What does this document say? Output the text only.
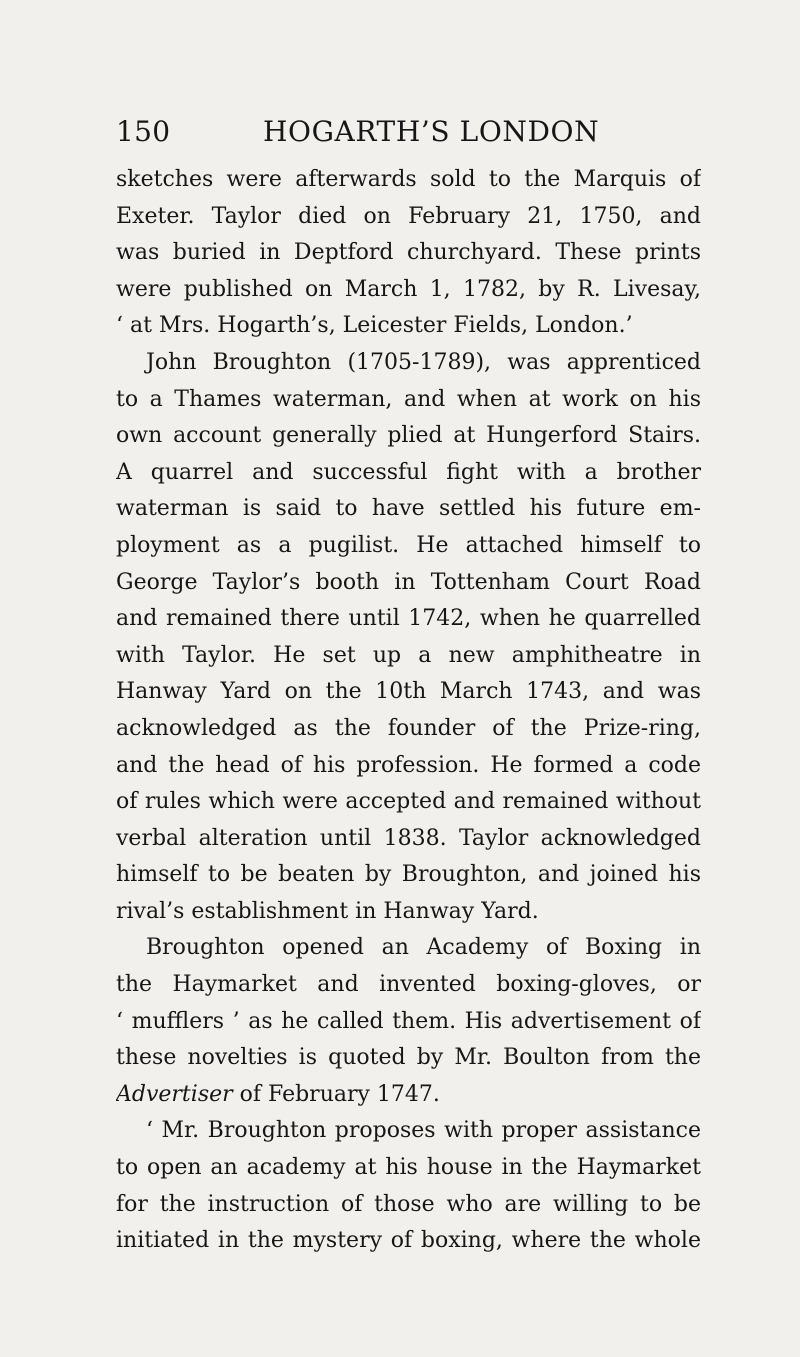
150	HOGARTH’S LONDON
sketches were afterwards sold to the Marquis of
Exeter. Taylor died on February 21, 1750, and
was buried in Deptford churchyard. These prints
were published on March 1, 1782, by R. Livesay,
‘ at Mrs. Hogarth’s, Leicester Fields, London.’
John Broughton (1705-1789), was apprenticed
to a Thames waterman, and when at work on his
own account generally plied at Hungerford Stairs.
A quarrel and successful fight with a brother
waterman is said to have settled his future em-
ployment as a pugilist. He attached himself to
George Taylor’s booth in Tottenham Court Road
and remained there until 1742, when he quarrelled
with Taylor. He set up a new amphitheatre in
Hanway Yard on the 10th March 1743, and was
acknowledged as the founder of the Prize-ring,
and the head of his profession. He formed a code
of rules which were accepted and remained without
verbal alteration until 1838. Taylor acknowledged
himself to be beaten by Broughton, and joined his
rival’s establishment in Hanway Yard.
Broughton opened an Academy of Boxing in
the Haymarket and invented boxing-gloves, or
‘ mufflers ’ as he called them. His advertisement of
these novelties is quoted by Mr. Boulton from the
Advertiser of February 1747.
‘ Mr. Broughton proposes with proper assistance
to open an academy at his house in the Haymarket
for the instruction of those who are willing to be
initiated in the mystery of boxing, where the whole
